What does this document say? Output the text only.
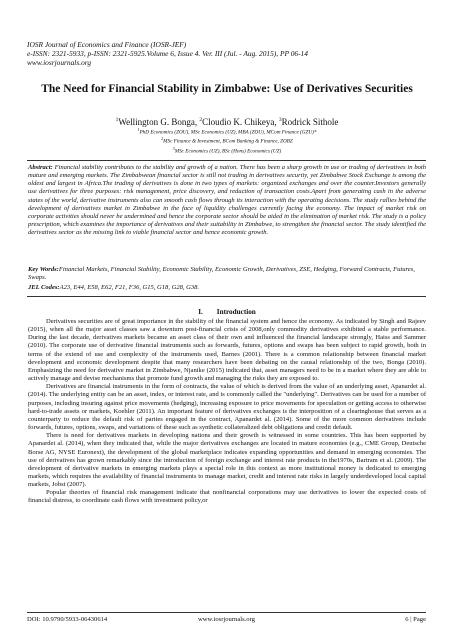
IOSR Journal of Economics and Finance (IOSR-JEF)
e-ISSN: 2321-5933, p-ISSN: 2321-5925.Volume 6, Issue 4. Ver. III (Jul. - Aug. 2015), PP 06-14
www.iosrjournals.org
The Need for Financial Stability in Zimbabwe: Use of Derivatives Securities
$^1$Wellington G. Bonga, $^2$Cloudio K. Chikeya, $^3$Rodrick Sithole
$^1$PhD Economics (ZOU), MSc Economics (UZ), MBA (ZOU), MCom Finance (GZU)*
$^2$MSc Finance & Investment, BCom Banking & Finance, ZOBZ
$^3$MSc Economics (UZ), BSc (Hons) Economics (UZ)
Abstract: Financial stability contributes to the stability and growth of a nation. There has been a sharp growth in use or trading of derivatives in both mature and emerging markets. The Zimbabwean financial sector is still not trading in derivatives security, yet Zimbabwe Stock Exchange is among the oldest and largest in Africa.The trading of derivatives is done in two types of markets: organized exchanges and over the counter.Investors generally use derivatives for three purposes: risk management, price discovery, and reduction of transaction costs.Apart from generating cash in the adverse states of the world, derivative instruments also can smooth cash flows through its interaction with the operating decisions. The study rallies behind the development of derivatives market in Zimbabwe in the face of liquidity challenges currently facing the economy. The impact of market risk on corporate activities should never be undermined and hence the corporate sector should be aided in the elimination of market risk. The study is a policy prescription, which examines the importance of derivatives and their suitability in Zimbabwe, to strengthen the financial sector. The study identified the derivatives sector as the missing link to viable financial sector and hence economic growth.
Key Words:Financial Markets, Financial Stability, Economic Stability, Economic Growth, Derivatives, ZSE, Hedging, Forward Contracts, Futures, Swaps.
JEL Codes:A23, E44, E58, E62, F21, F36, G15, G18, G28, G38.
I. Introduction

Derivatives securities are of great importance in the stability of the financial system and hence the economy. As indicated by Singh and Rajeev (2015), when all the major asset classes saw a downturn post-financial crisis of 2008,only commodity derivatives exhibited a stable performance. During the last decade, derivatives markets became an asset class of their own and influenced the financial landscape strongly, Haiss and Sammer (2010). The corporate use of derivative financial instruments such as forwards, futures, options and swaps has been subject to rapid growth, both in terms of the extend of use and complexity of the instruments used, Barnes (2001). There is a common relationship between financial market development and economic development despite that many researchers have been debating on the causal relationship of the two, Bonga (2010). Emphasizing the need for derivative market in Zimbabwe, Njanike (2015) indicated that, asset managers need to be in a market where they are able to actively manage and devise mechanisms that promote fund growth and managing the risks they are exposed to.

Derivatives are financial instruments in the form of contracts, the value of which is derived from the value of an underlying asset, Apanardet al. (2014). The underlying entity can be an asset, index, or interest rate, and is commonly called the "underlying". Derivatives can be used for a number of purposes, including insuring against price movements (hedging), increasing exposure to price movements for speculation or getting access to otherwise hard-to-trade assets or markets, Koehler (2011). An important feature of derivatives exchanges is the interposition of a clearinghouse that serves as a counterparty to reduce the default risk of parties engaged in the contract, Apanardet al. (2014). Some of the more common derivatives include forwards, futures, options, swaps, and variations of these such as synthetic collateralized debt obligations and credit default.

There is need for derivatives markets in developing nations and their growth is witnessed in some countries. This has been supported by Apanardet al. (2014), when they indicated that, while the major derivatives exchanges are located in mature economies (e.g., CME Group, Deutsche Borse AG, NYSE Euronext), the development of the global marketplace indicates expanding opportunities and demand in emerging economies. The use of derivatives has grown remarkably since the introduction of foreign exchange and interest rate products in the1970s, Bartram et al. (2009). The development of derivative markets in emerging markets plays a special role in this context as more institutional money is dedicated to emerging markets, which requires the availability of financial instruments to manage market, credit and interest rate risks in largely underdeveloped local capital markets, Jobst (2007).

Popular theories of financial risk management indicate that nonfinancial corporations may use derivatives to lower the expected costs of financial distress, to coordinate cash flows with investment policy,or

DOI: 10.9790/5933-06430614	www.iosrjournals.org	6 | Page
